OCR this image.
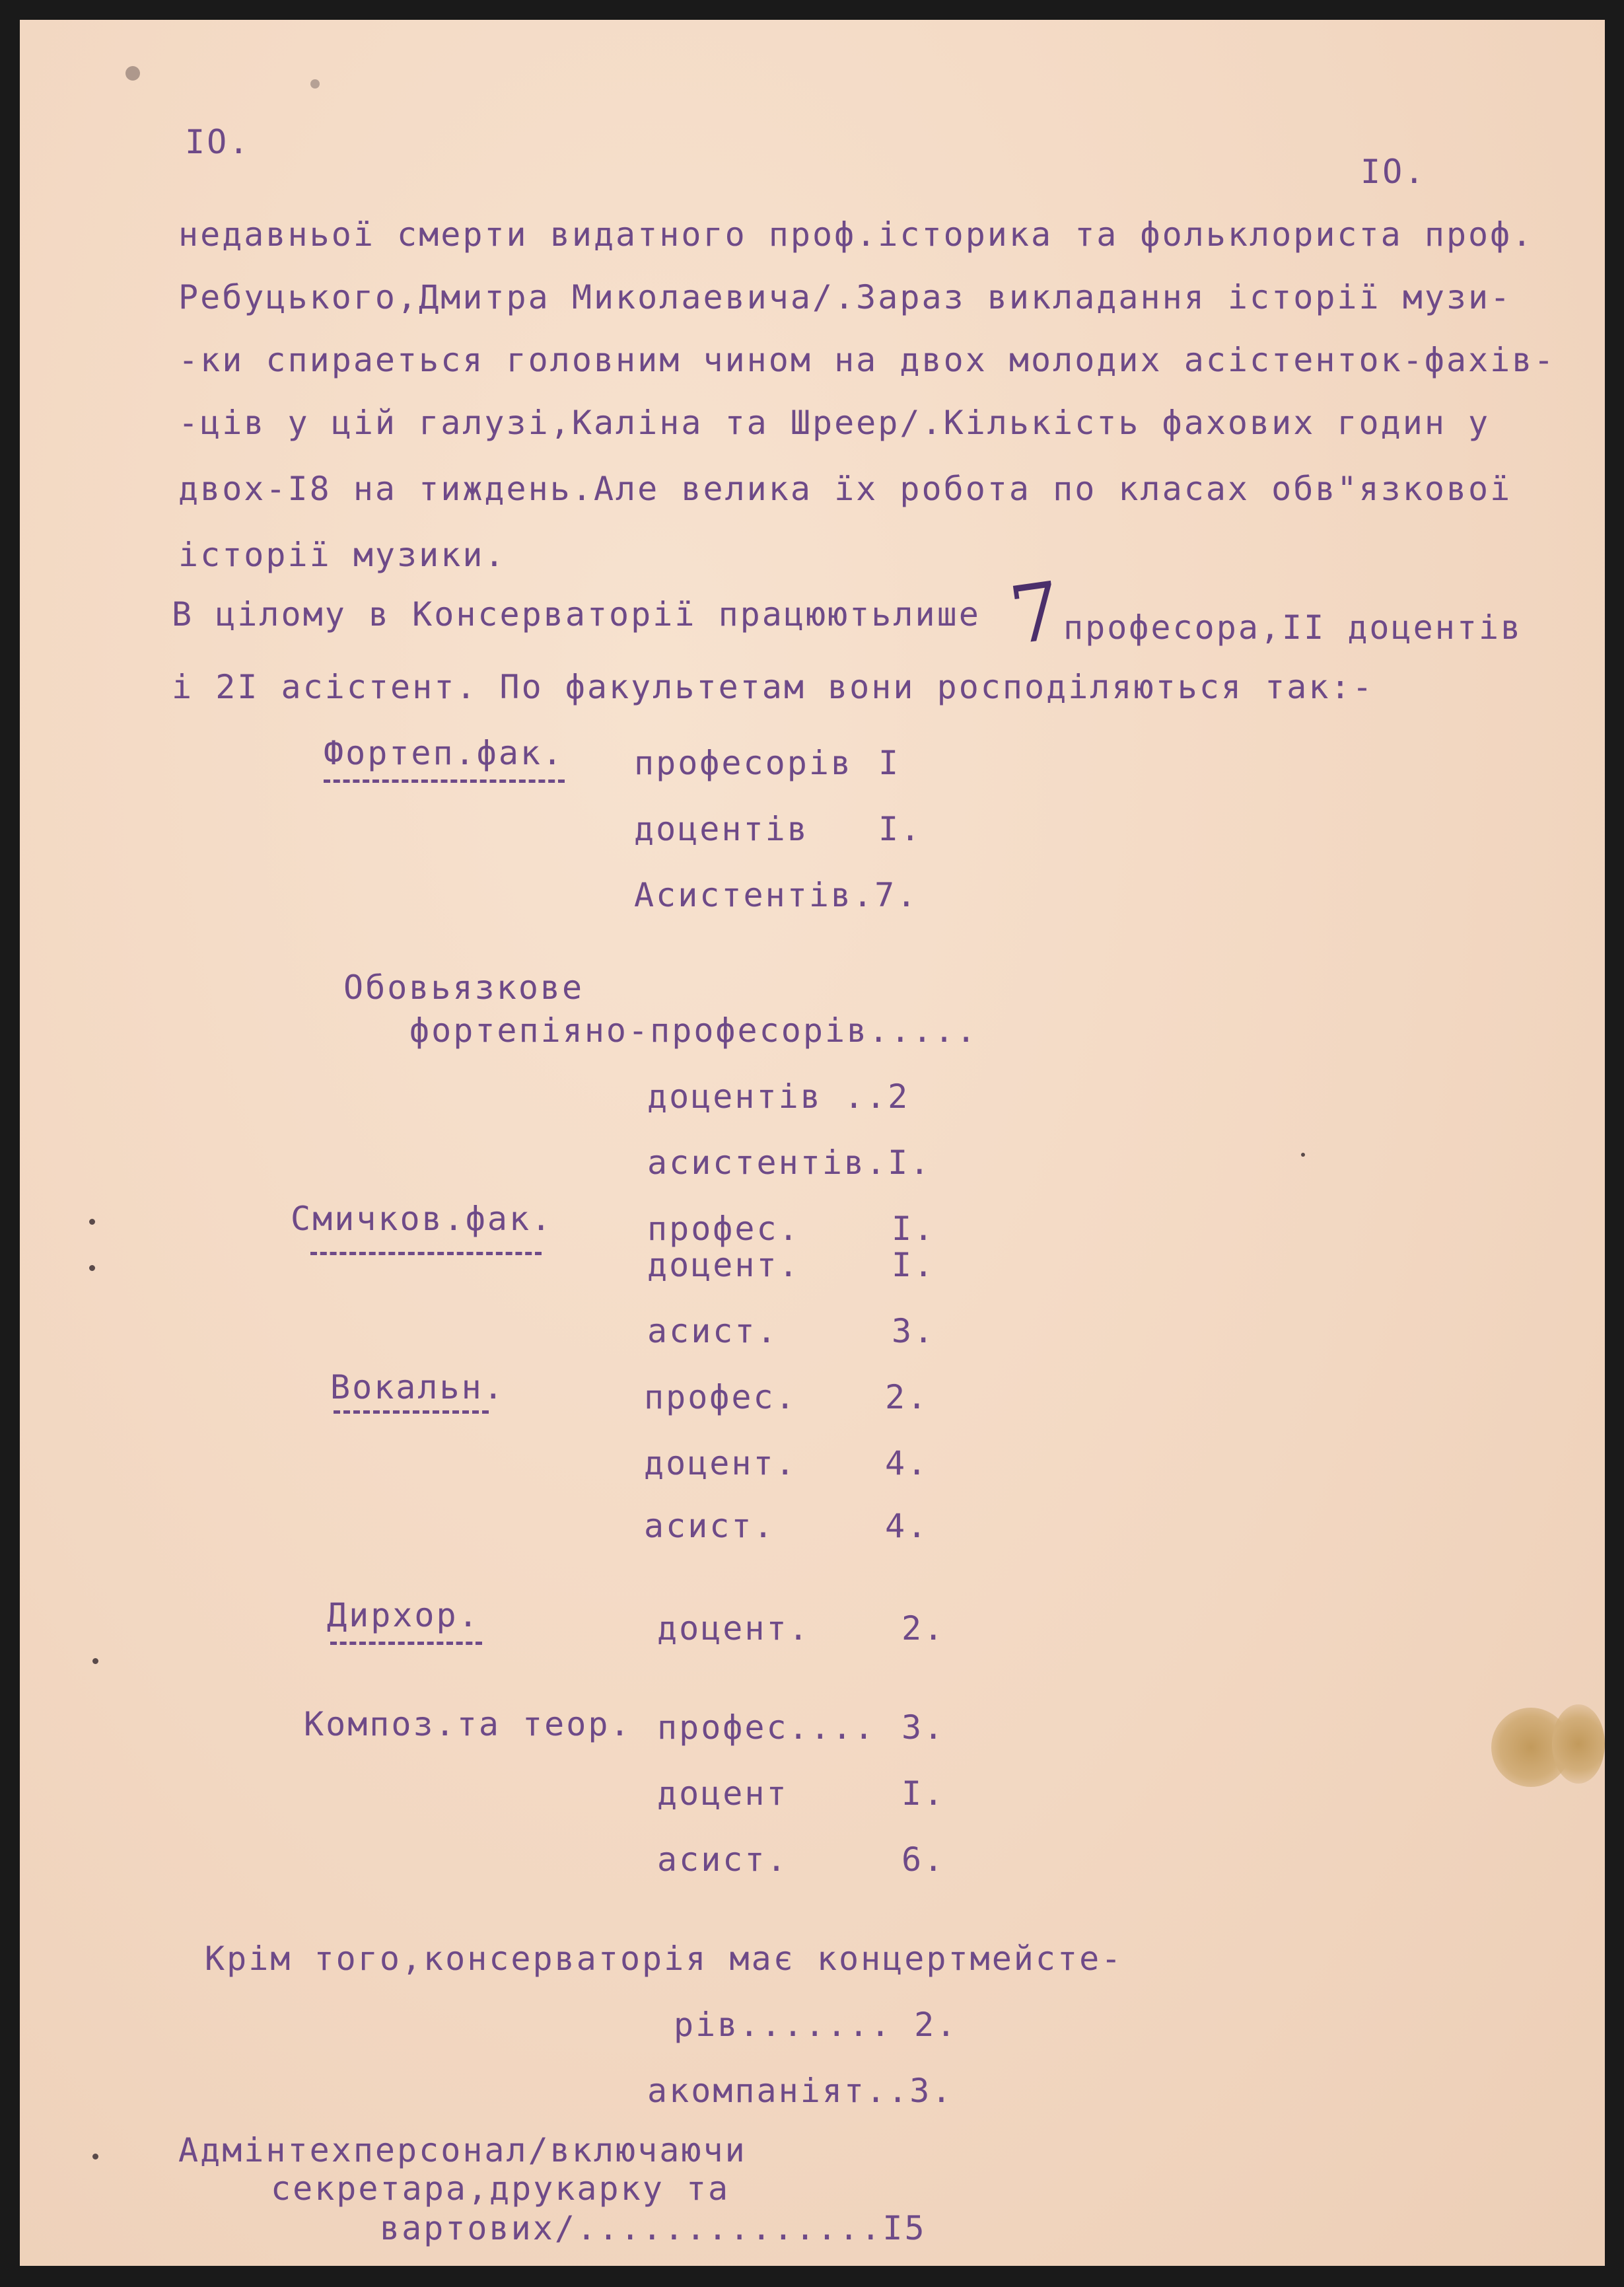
IO.
IO.
недавньої смерти видатного проф.історика та фольклориста проф.
Ребуцького,Дмитра Миколаевича/.Зараз викладання історії музи-
-ки спираеться головним чином на двох молодих асістенток-фахів-
-ців у цій галузі,Каліна та Шреер/.Кількість фахових годин у
двох-I8 на тиждень.Але велика їх робота по класах обв"язкової
історії музики.
В цілому в Консерваторії працюютьлише 7
професора,II доцентів
і 2I асістент. По факультетам вони росподіляються так:-
Фортеп.фак. професорів I
доцентів I.
Асистентів.7.
Обовьязкове
фортепіяно-професорів.....
доцентів ..2
асистентів.I.
Смичков.фак.	профес.	I.
доцент.	I.
асист.	3.
Вокальн.	профес.	2.
доцент.	4.
асист.	4.
Дирхор.	доцент.	2.
Композ.та теор. профес.... 3.
доцент	I.
асист.	6.
Крім того,консерваторія має концертмейсте-
рів....... 2.
акомпаніят..3.
Адмінтехперсонал/включаючи
секретара,друкарку та
вартових/..............I5
